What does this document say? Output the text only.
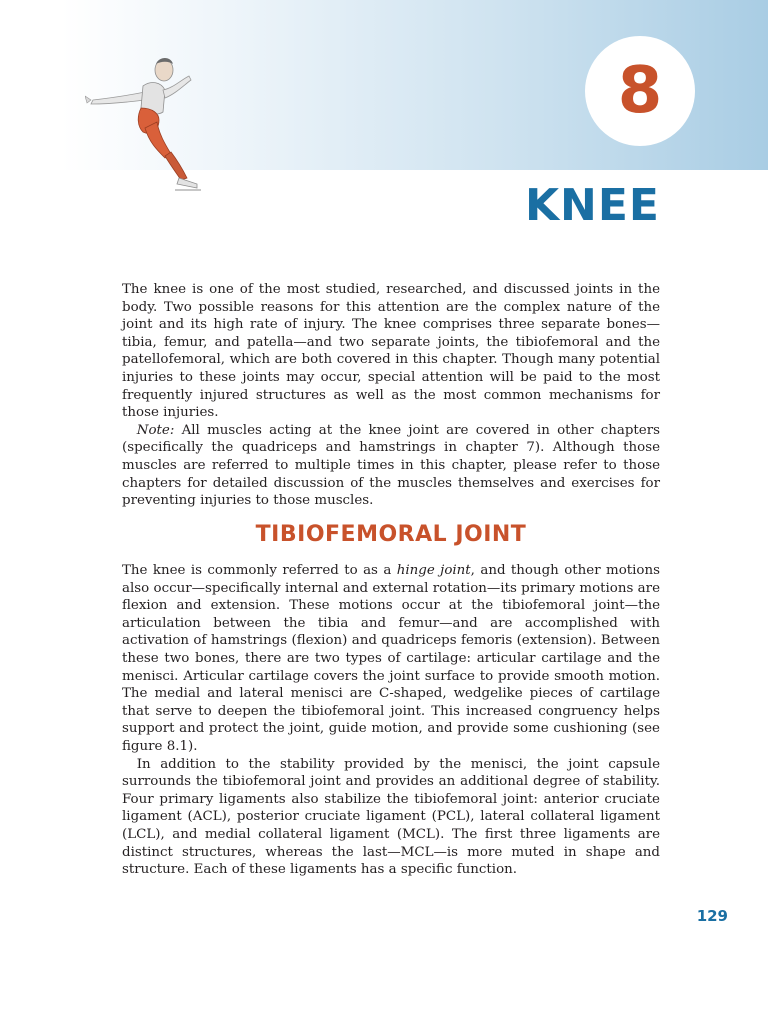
8
KNEE

The knee is one of the most studied, researched, and discussed joints in the body. Two possible reasons for this attention are the complex nature of the joint and its high rate of injury. The knee comprises three separate bones—tibia, femur, and patella—and two separate joints, the tibiofemoral and the patellofemoral, which are both covered in this chapter. Though many potential injuries to these joints may occur, special attention will be paid to the most frequently injured structures as well as the most common mechanisms for those injuries.

Note: All muscles acting at the knee joint are covered in other chapters (specifically the quadriceps and hamstrings in chapter 7). Although those muscles are referred to multiple times in this chapter, please refer to those chapters for detailed discussion of the muscles themselves and exercises for preventing injuries to those muscles.

TIBIOFEMORAL JOINT

The knee is commonly referred to as a hinge joint, and though other motions also occur—specifically internal and external rotation—its primary motions are flexion and extension. These motions occur at the tibiofemoral joint—the articulation between the tibia and femur—and are accomplished with activation of hamstrings (flexion) and quadriceps femoris (extension). Between these two bones, there are two types of cartilage: articular cartilage and the menisci. Articular cartilage covers the joint surface to provide smooth motion. The medial and lateral menisci are C-shaped, wedgelike pieces of cartilage that serve to deepen the tibiofemoral joint. This increased congruency helps support and protect the joint, guide motion, and provide some cushioning (see figure 8.1).

In addition to the stability provided by the menisci, the joint capsule surrounds the tibiofemoral joint and provides an additional degree of stability. Four primary ligaments also stabilize the tibiofemoral joint: anterior cruciate ligament (ACL), posterior cruciate ligament (PCL), lateral collateral ligament (LCL), and medial collateral ligament (MCL). The first three ligaments are distinct structures, whereas the last—MCL—is more muted in shape and structure. Each of these ligaments has a specific function.

129
